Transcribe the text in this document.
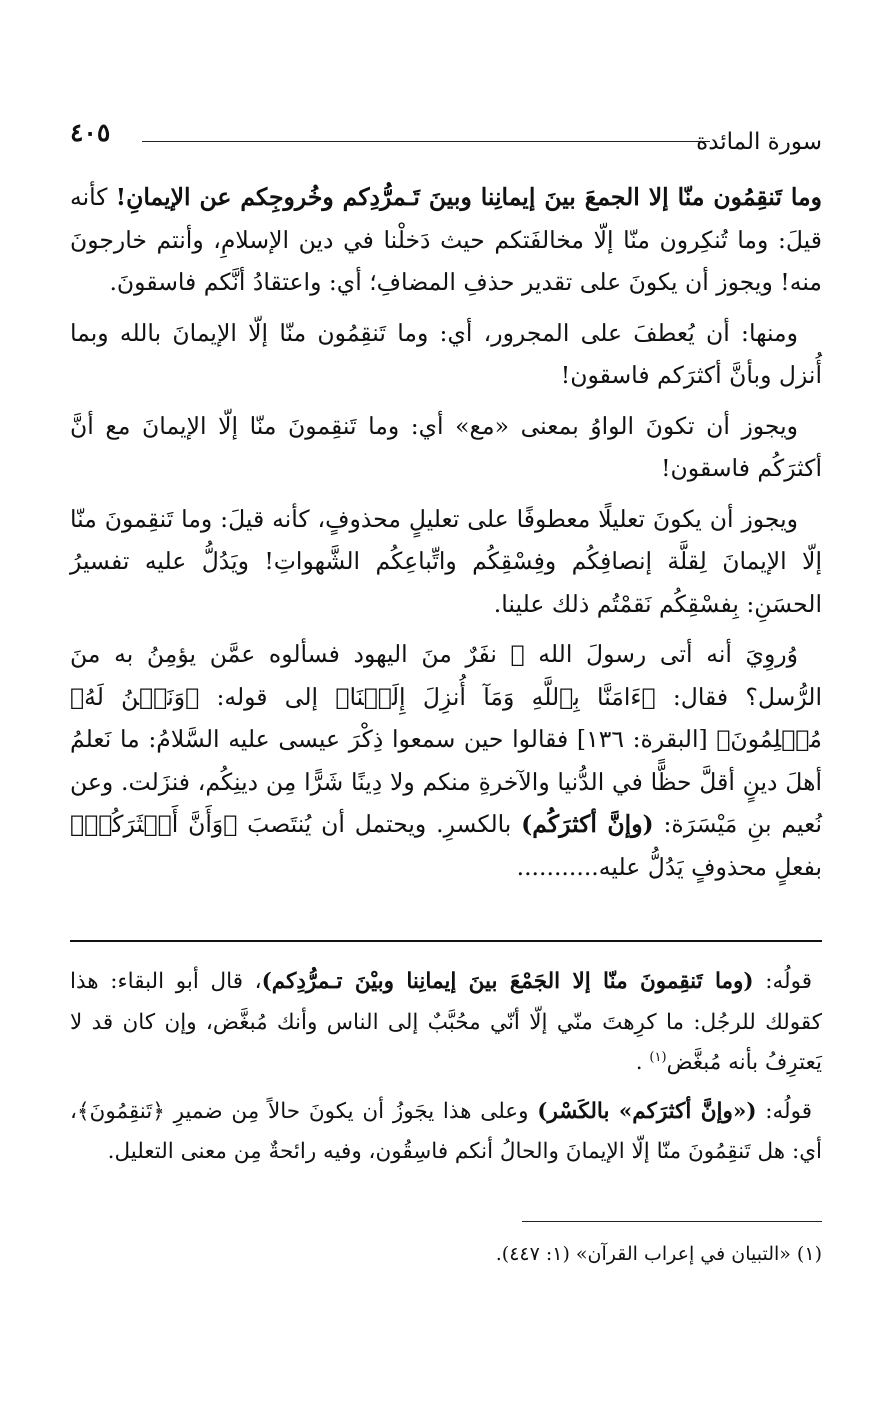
سورة المائدة
٤٠٥

وما تَنقِمُون منّا إلا الجمعَ بينَ إيمانِنا وبينَ تَـمرُّدِكم وخُروجِكم عن الإيمانِ! كأنه قيلَ: وما تُنكِرون منّا إلّا مخالفَتكم حيث دَخلْنا في دين الإسلامِ، وأنتم خارجونَ منه! ويجوز أن يكونَ على تقدير حذفِ المضافِ؛ أي: واعتقادُ أنَّكم فاسقونَ.

ومنها: أن يُعطفَ على المجرور، أي: وما تَنقِمُون منّا إلّا الإيمانَ بالله وبما أُنزل وبأنَّ أكثرَكم فاسقون!

ويجوز أن تكونَ الواوُ بمعنى «مع» أي: وما تَنقِمونَ منّا إلّا الإيمانَ مع أنَّ أكثرَكُم فاسقون!

ويجوز أن يكونَ تعليلًا معطوفًا على تعليلٍ محذوفٍ، كأنه قيلَ: وما تَنقِمونَ منّا إلّا الإيمانَ لِقلَّة إنصافِكُم وفِسْقِكُم واتِّباعِكُم الشَّهواتِ! ويَدُلُّ عليه تفسيرُ الحسَنِ: بِفسْقِكُم نَقمْتُم ذلك علينا.

وُروِيَ أنه أتى رسولَ الله ﷺ نفَرٌ منَ اليهود فسألوه عمَّن يؤمِنُ به منَ الرُّسل؟ فقال: ﴿ءَامَنَّا بِٱللَّهِ وَمَآ أُنزِلَ إِلَيۡنَا﴾ إلى قوله: ﴿وَنَحۡنُ لَهُۥ مُسۡلِمُونَ﴾ [البقرة: ١٣٦] فقالوا حين سمعوا ذِكْرَ عيسى عليه السَّلامُ: ما نَعلمُ أهلَ دينٍ أقلَّ حظًّا في الدُّنيا والآخرةِ منكم ولا دِينًا شَرًّا مِن دينِكُم، فنزَلت. وعن نُعيم بنِ مَيْسَرَة: (وإنَّ أكثرَكُم) بالكسرِ. ويحتمل أن يُنتَصبَ ﴿وَأَنَّ أَكۡثَرَكُمۡ﴾ بفعلٍ محذوفٍ يَدُلُّ عليه...........

قولُه: (وما تَنقِمونَ منّا إلا الجَمْعَ بينَ إيمانِنا وبيْنَ تـمرُّدِكم)، قال أبو البقاء: هذا كقولك للرجُل: ما كرِهتَ منّي إلّا أنّي محُبَّبٌ إلى الناس وأنك مُبغَّض، وإن كان قد لا يَعترِفُ بأنه مُبغَّض$^{(١)}$ .

قولُه: («وإنَّ أكثرَكم» بالكَسْر) وعلى هذا يجَوزُ أن يكونَ حالاً مِن ضميرِ ﴿تَنقِمُونَ﴾، أي: هل تَنقِمُونَ منّا إلّا الإيمانَ والحالُ أنكم فاسِقُون، وفيه رائحةٌ مِن معنى التعليل.

(١) «التبيان في إعراب القرآن» (١: ٤٤٧).
